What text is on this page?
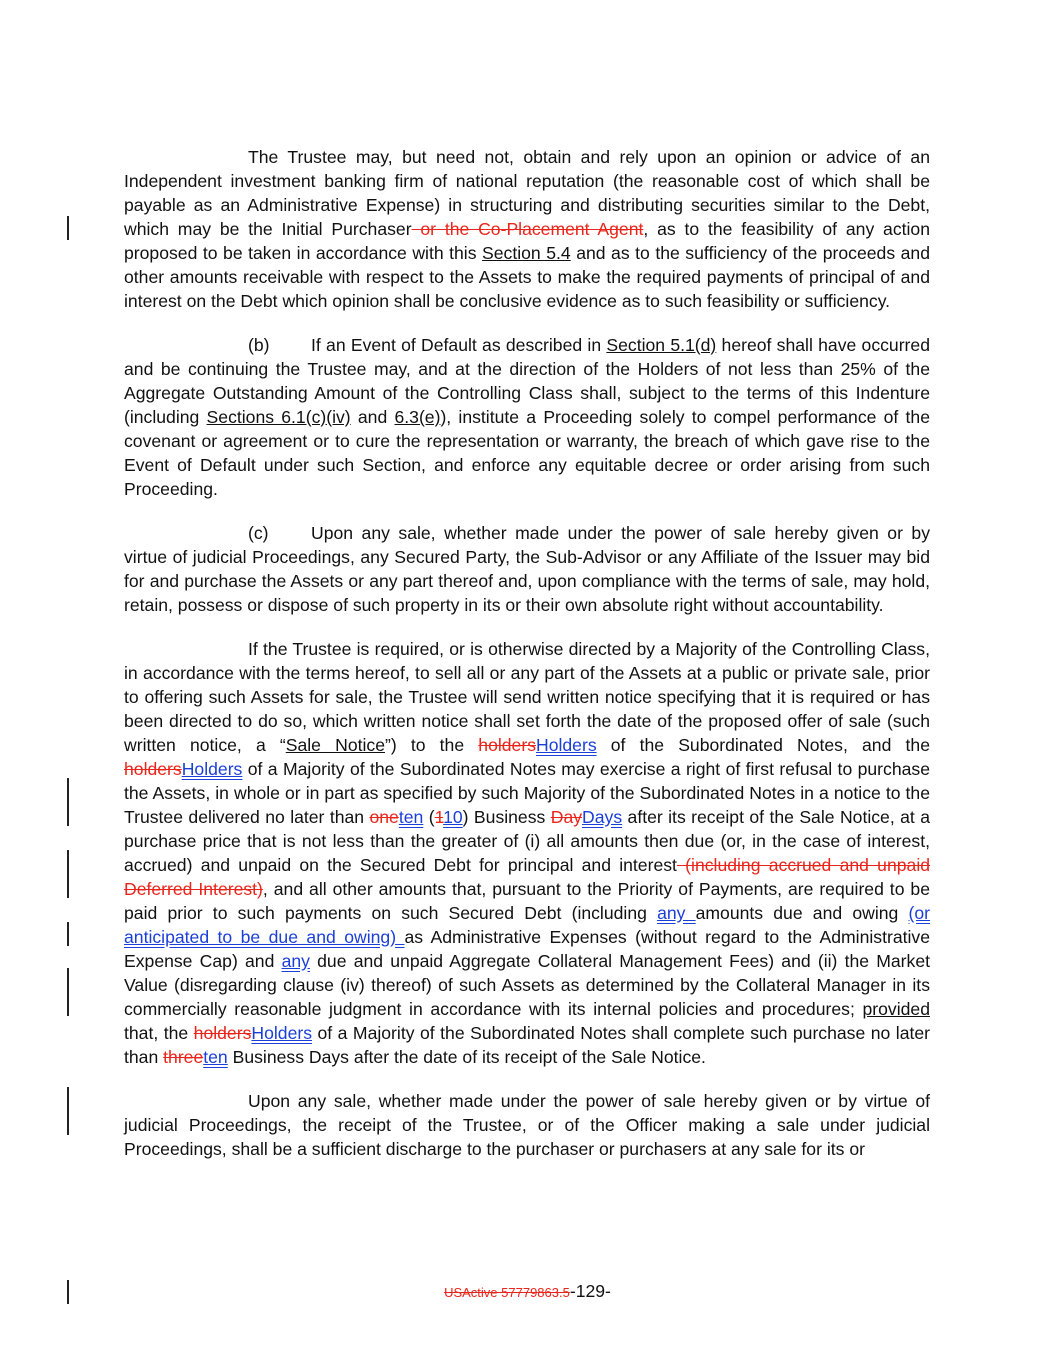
The Trustee may, but need not, obtain and rely upon an opinion or advice of an Independent investment banking firm of national reputation (the reasonable cost of which shall be payable as an Administrative Expense) in structuring and distributing securities similar to the Debt, which may be the Initial Purchaser or the Co-Placement Agent, as to the feasibility of any action proposed to be taken in accordance with this Section 5.4 and as to the sufficiency of the proceeds and other amounts receivable with respect to the Assets to make the required payments of principal of and interest on the Debt which opinion shall be conclusive evidence as to such feasibility or sufficiency.

(b) If an Event of Default as described in Section 5.1(d) hereof shall have occurred and be continuing the Trustee may, and at the direction of the Holders of not less than 25% of the Aggregate Outstanding Amount of the Controlling Class shall, subject to the terms of this Indenture (including Sections 6.1(c)(iv) and 6.3(e)), institute a Proceeding solely to compel performance of the covenant or agreement or to cure the representation or warranty, the breach of which gave rise to the Event of Default under such Section, and enforce any equitable decree or order arising from such Proceeding.

(c) Upon any sale, whether made under the power of sale hereby given or by virtue of judicial Proceedings, any Secured Party, the Sub-Advisor or any Affiliate of the Issuer may bid for and purchase the Assets or any part thereof and, upon compliance with the terms of sale, may hold, retain, possess or dispose of such property in its or their own absolute right without accountability.

If the Trustee is required, or is otherwise directed by a Majority of the Controlling Class, in accordance with the terms hereof, to sell all or any part of the Assets at a public or private sale, prior to offering such Assets for sale, the Trustee will send written notice specifying that it is required or has been directed to do so, which written notice shall set forth the date of the proposed offer of sale (such written notice, a “Sale Notice”) to the holdersHolders of the Subordinated Notes, and the holdersHolders of a Majority of the Subordinated Notes may exercise a right of first refusal to purchase the Assets, in whole or in part as specified by such Majority of the Subordinated Notes in a notice to the Trustee delivered no later than oneten (110) Business DayDays after its receipt of the Sale Notice, at a purchase price that is not less than the greater of (i) all amounts then due (or, in the case of interest, accrued) and unpaid on the Secured Debt for principal and interest (including accrued and unpaid Deferred Interest), and all other amounts that, pursuant to the Priority of Payments, are required to be paid prior to such payments on such Secured Debt (including any amounts due and owing (or anticipated to be due and owing) as Administrative Expenses (without regard to the Administrative Expense Cap) and any due and unpaid Aggregate Collateral Management Fees) and (ii) the Market Value (disregarding clause (iv) thereof) of such Assets as determined by the Collateral Manager in its commercially reasonable judgment in accordance with its internal policies and procedures; provided that, the holdersHolders of a Majority of the Subordinated Notes shall complete such purchase no later than threeten Business Days after the date of its receipt of the Sale Notice.

Upon any sale, whether made under the power of sale hereby given or by virtue of judicial Proceedings, the receipt of the Trustee, or of the Officer making a sale under judicial Proceedings, shall be a sufficient discharge to the purchaser or purchasers at any sale for its or

USActive 57779863.5-129-
